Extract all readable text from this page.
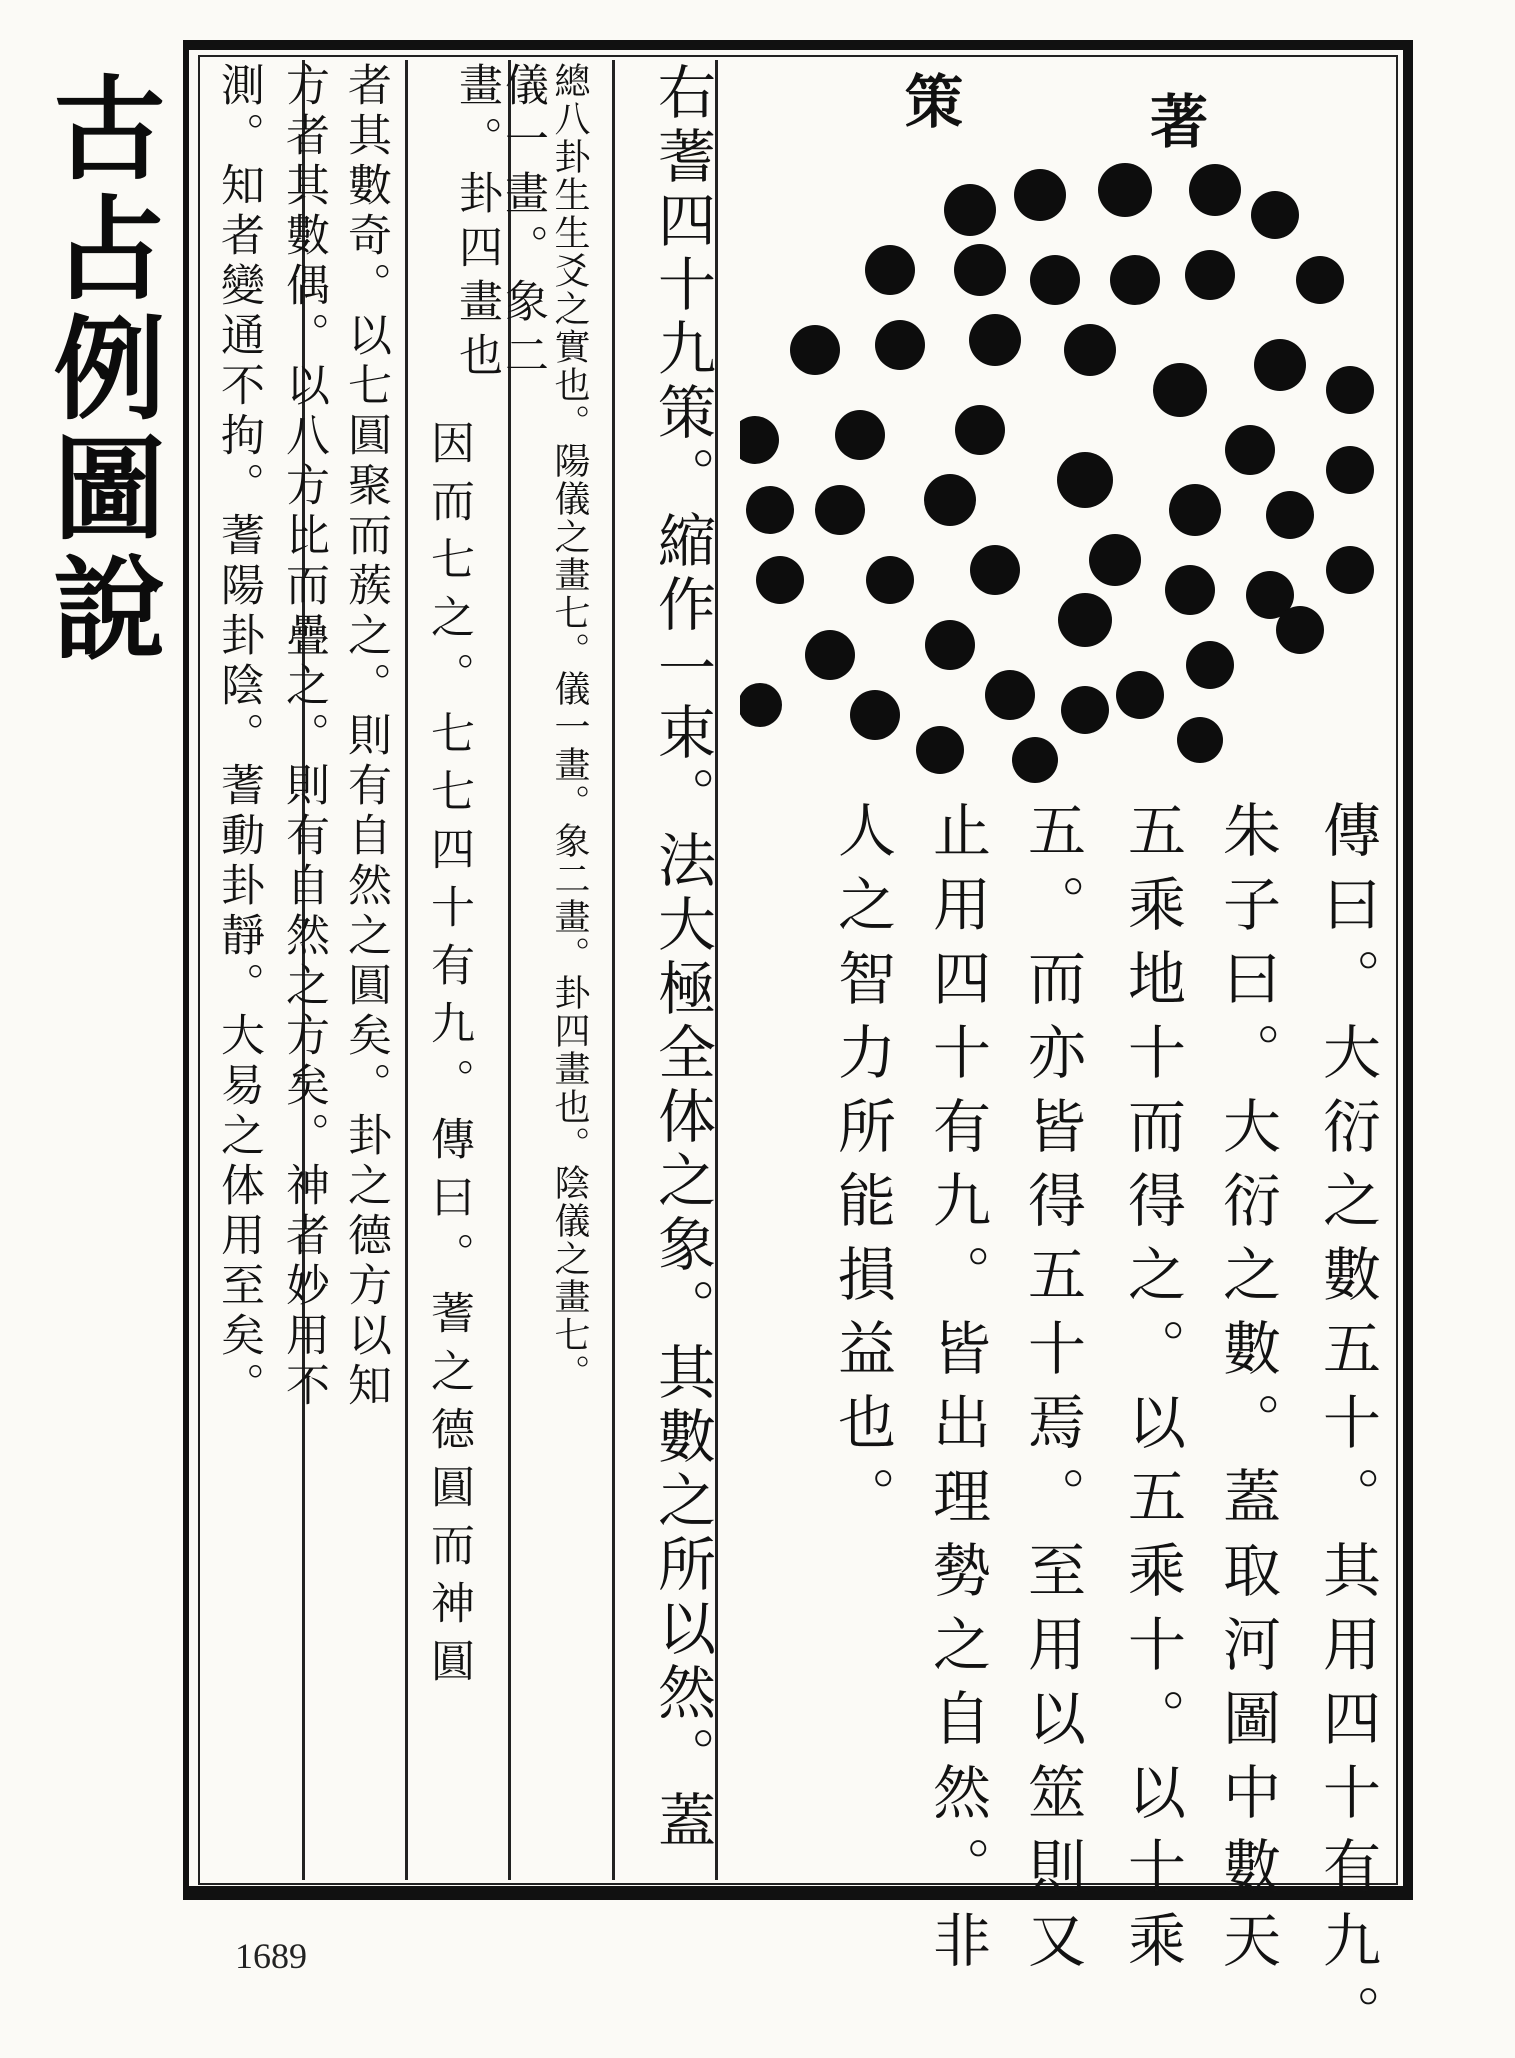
古占例圖說	著
策
傳曰。大衍之數五十。其用四十有九。
朱子曰。大衍之數。蓋取河圖中數天
五乘地十而得之。以五乘十。以十乘
五。而亦皆得五十焉。至用以筮則又
止用四十有九。皆出理勢之自然。非
人之智力所能損益也。
右蓍四十九策。縮作一束。法大極全体之象。其數之所以然。蓋
總八卦生生爻之實也。陽儀之畫七。儀一畫。象二畫。卦四畫也。陰儀之畫七。
儀一畫。象二
畫。卦四畫也
因而七之。七七四十有九。傳曰。蓍之德圓而神圓
者其數奇。以七圓聚而蔟之。則有自然之圓矣。卦之德方以知
方者其數偶。以八方比而疊之。則有自然之方矣。神者妙用不
測。知者變通不拘。蓍陽卦陰。蓍動卦靜。大易之体用至矣。
1689
